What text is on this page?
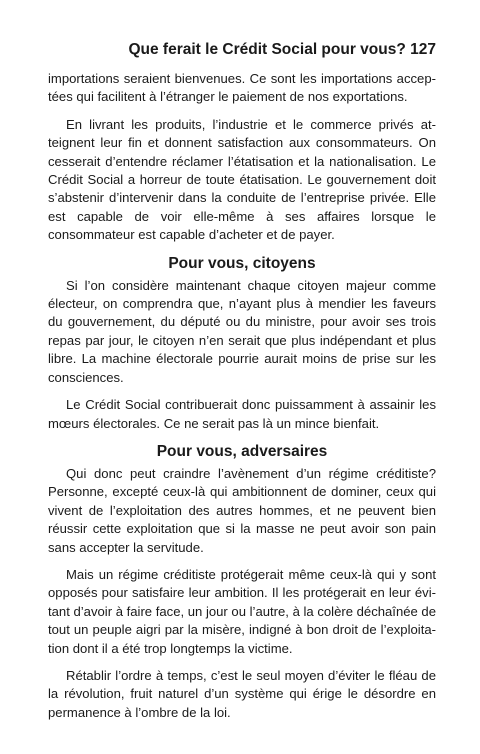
Que ferait le Crédit Social pour vous? 127

importations seraient bienvenues. Ce sont les importations acceptées qui facilitent à l’étranger le paiement de nos exportations.

En livrant les produits, l’industrie et le commerce privés atteignent leur fin et donnent satisfaction aux consommateurs. On cesserait d’entendre réclamer l’étatisation et la nationalisation. Le Crédit Social a horreur de toute étatisation. Le gouvernement doit s’abstenir d’intervenir dans la conduite de l’entreprise privée. Elle est capable de voir elle-même à ses affaires lorsque le consommateur est capable d’acheter et de payer.

Pour vous, citoyens

Si l’on considère maintenant chaque citoyen majeur comme électeur, on comprendra que, n’ayant plus à mendier les faveurs du gouvernement, du député ou du ministre, pour avoir ses trois repas par jour, le citoyen n’en serait que plus indépendant et plus libre. La machine électorale pourrie aurait moins de prise sur les consciences.

Le Crédit Social contribuerait donc puissamment à assainir les mœurs électorales. Ce ne serait pas là un mince bienfait.

Pour vous, adversaires

Qui donc peut craindre l’avènement d’un régime créditiste? Personne, excepté ceux-là qui ambitionnent de dominer, ceux qui vivent de l’exploitation des autres hommes, et ne peuvent bien réussir cette exploitation que si la masse ne peut avoir son pain sans accepter la servitude.

Mais un régime créditiste protégerait même ceux-là qui y sont opposés pour satisfaire leur ambition. Il les protégerait en leur évitant d’avoir à faire face, un jour ou l’autre, à la colère déchaînée de tout un peuple aigri par la misère, indigné à bon droit de l’exploitation dont il a été trop longtemps la victime.

Rétablir l’ordre à temps, c’est le seul moyen d’éviter le fléau de la révolution, fruit naturel d’un système qui érige le désordre en permanence à l’ombre de la loi.
